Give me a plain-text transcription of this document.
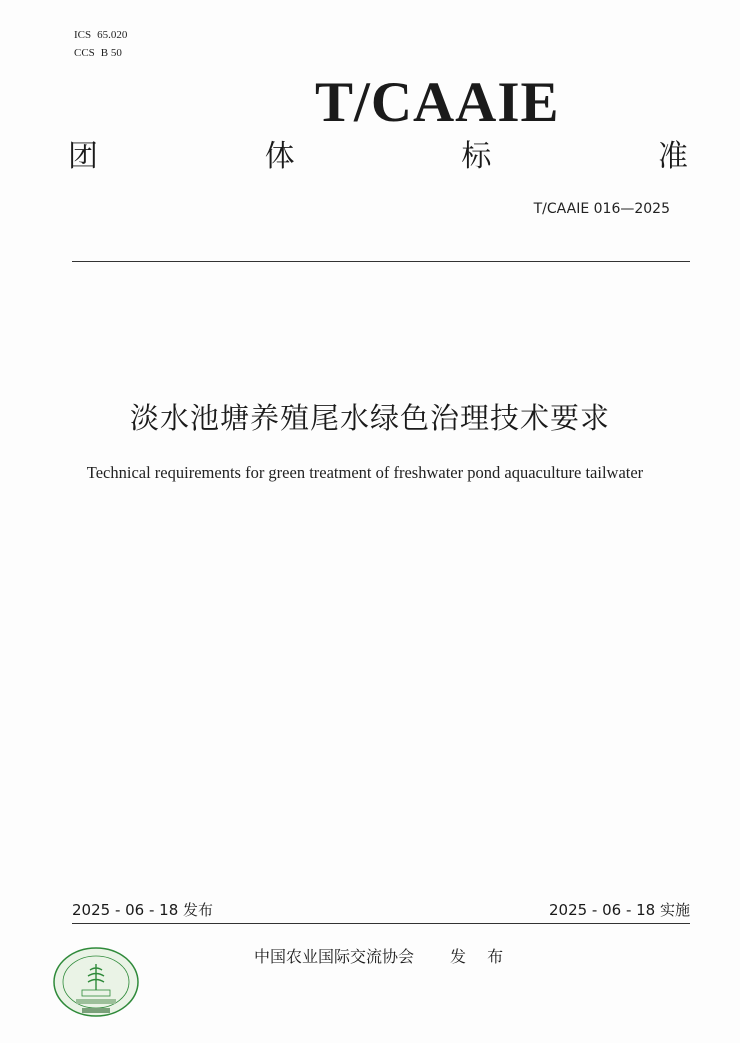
ICS 65.020
CCS B 50
T/CAAIE
团	体	标	准
T/CAAIE 016—2025
淡水池塘养殖尾水绿色治理技术要求
Technical requirements for green treatment of freshwater pond aquaculture tailwater
2025 - 06 - 18 发布	2025 - 06 - 18 实施
中国农业国际交流协会 发 布
